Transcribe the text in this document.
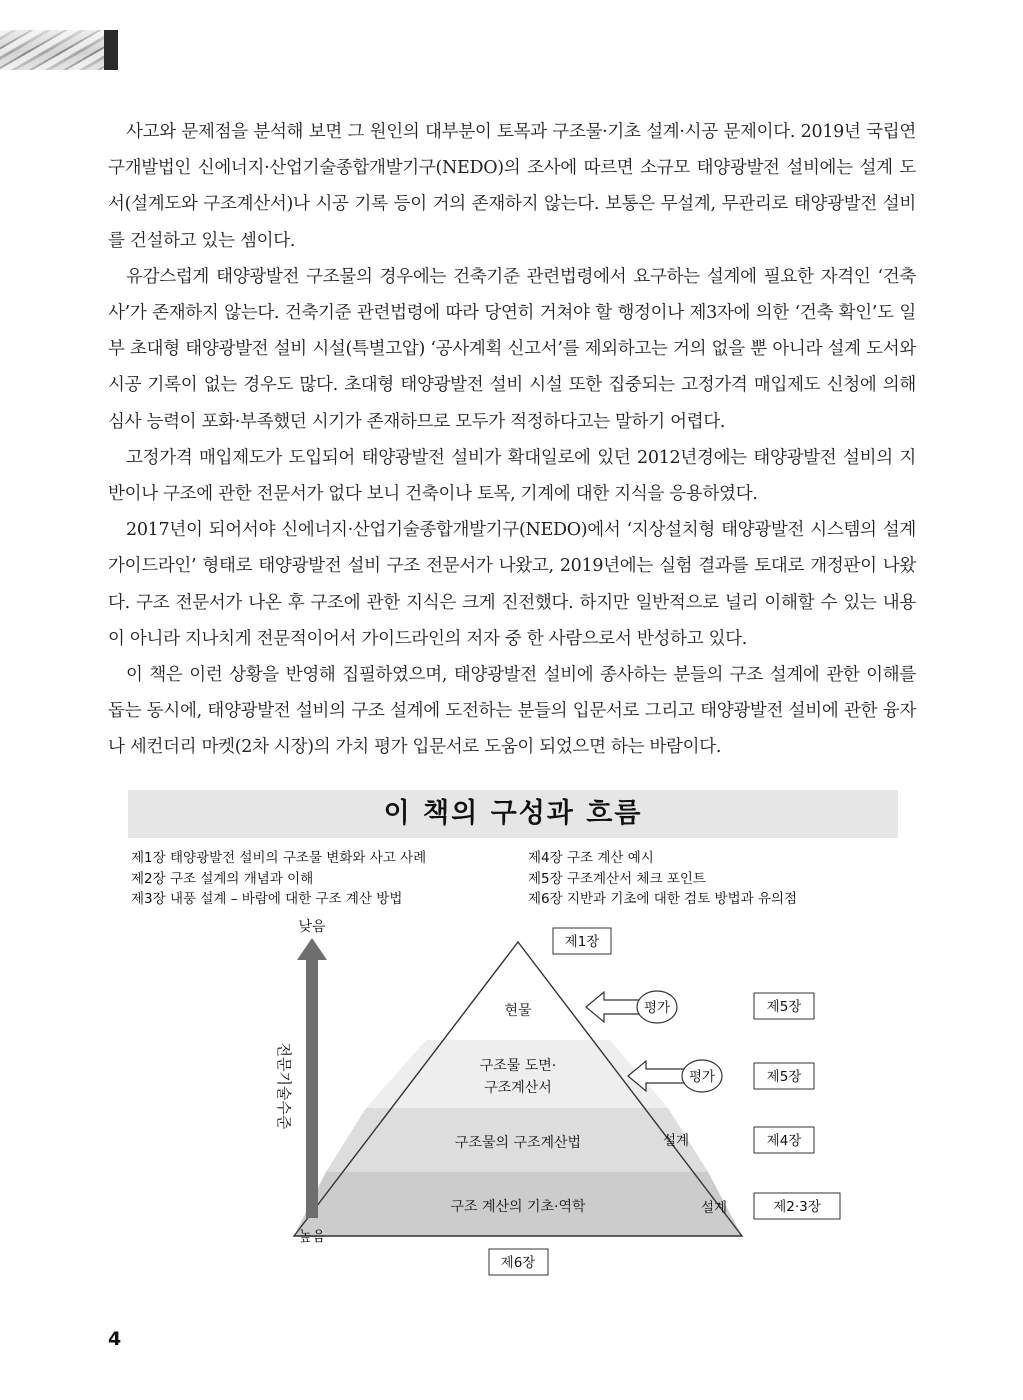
사고와 문제점을 분석해 보면 그 원인의 대부분이 토목과 구조물·기초 설계·시공 문제이다. 2019년 국립연구개발법인 신에너지·산업기술종합개발기구(NEDO)의 조사에 따르면 소규모 태양광발전 설비에는 설계 도서(설계도와 구조계산서)나 시공 기록 등이 거의 존재하지 않는다. 보통은 무설계, 무관리로 태양광발전 설비를 건설하고 있는 셈이다.

유감스럽게 태양광발전 구조물의 경우에는 건축기준 관련법령에서 요구하는 설계에 필요한 자격인 ‘건축사’가 존재하지 않는다. 건축기준 관련법령에 따라 당연히 거쳐야 할 행정이나 제3자에 의한 ‘건축 확인’도 일부 초대형 태양광발전 설비 시설(특별고압) ‘공사계획 신고서’를 제외하고는 거의 없을 뿐 아니라 설계 도서와 시공 기록이 없는 경우도 많다. 초대형 태양광발전 설비 시설 또한 집중되는 고정가격 매입제도 신청에 의해 심사 능력이 포화·부족했던 시기가 존재하므로 모두가 적정하다고는 말하기 어렵다.

고정가격 매입제도가 도입되어 태양광발전 설비가 확대일로에 있던 2012년경에는 태양광발전 설비의 지반이나 구조에 관한 전문서가 없다 보니 건축이나 토목, 기계에 대한 지식을 응용하였다.

2017년이 되어서야 신에너지·산업기술종합개발기구(NEDO)에서 ‘지상설치형 태양광발전 시스템의 설계 가이드라인’ 형태로 태양광발전 설비 구조 전문서가 나왔고, 2019년에는 실험 결과를 토대로 개정판이 나왔다. 구조 전문서가 나온 후 구조에 관한 지식은 크게 진전했다. 하지만 일반적으로 널리 이해할 수 있는 내용이 아니라 지나치게 전문적이어서 가이드라인의 저자 중 한 사람으로서 반성하고 있다.

이 책은 이런 상황을 반영해 집필하였으며, 태양광발전 설비에 종사하는 분들의 구조 설계에 관한 이해를 돕는 동시에, 태양광발전 설비의 구조 설계에 도전하는 분들의 입문서로 그리고 태양광발전 설비에 관한 융자나 세컨더리 마켓(2차 시장)의 가치 평가 입문서로 도움이 되었으면 하는 바람이다.

이 책의 구성과 흐름
제1장 태양광발전 설비의 구조물 변화와 사고 사례
제2장 구조 설계의 개념과 이해
제3장 내풍 설계 – 바람에 대한 구조 계산 방법
제4장 구조 계산 예시
제5장 구조계산서 체크 포인트
제6장 지반과 기초에 대한 검토 방법과 유의점
현물
구조물 도면·
구조계산서
구조물의 구조계산법
구조 계산의 기초·역학
제1장
제6장
평가
평가
설계
설계
제5장
제5장
제4장
제2·3장
낮음
높음
전문기술수준
4
